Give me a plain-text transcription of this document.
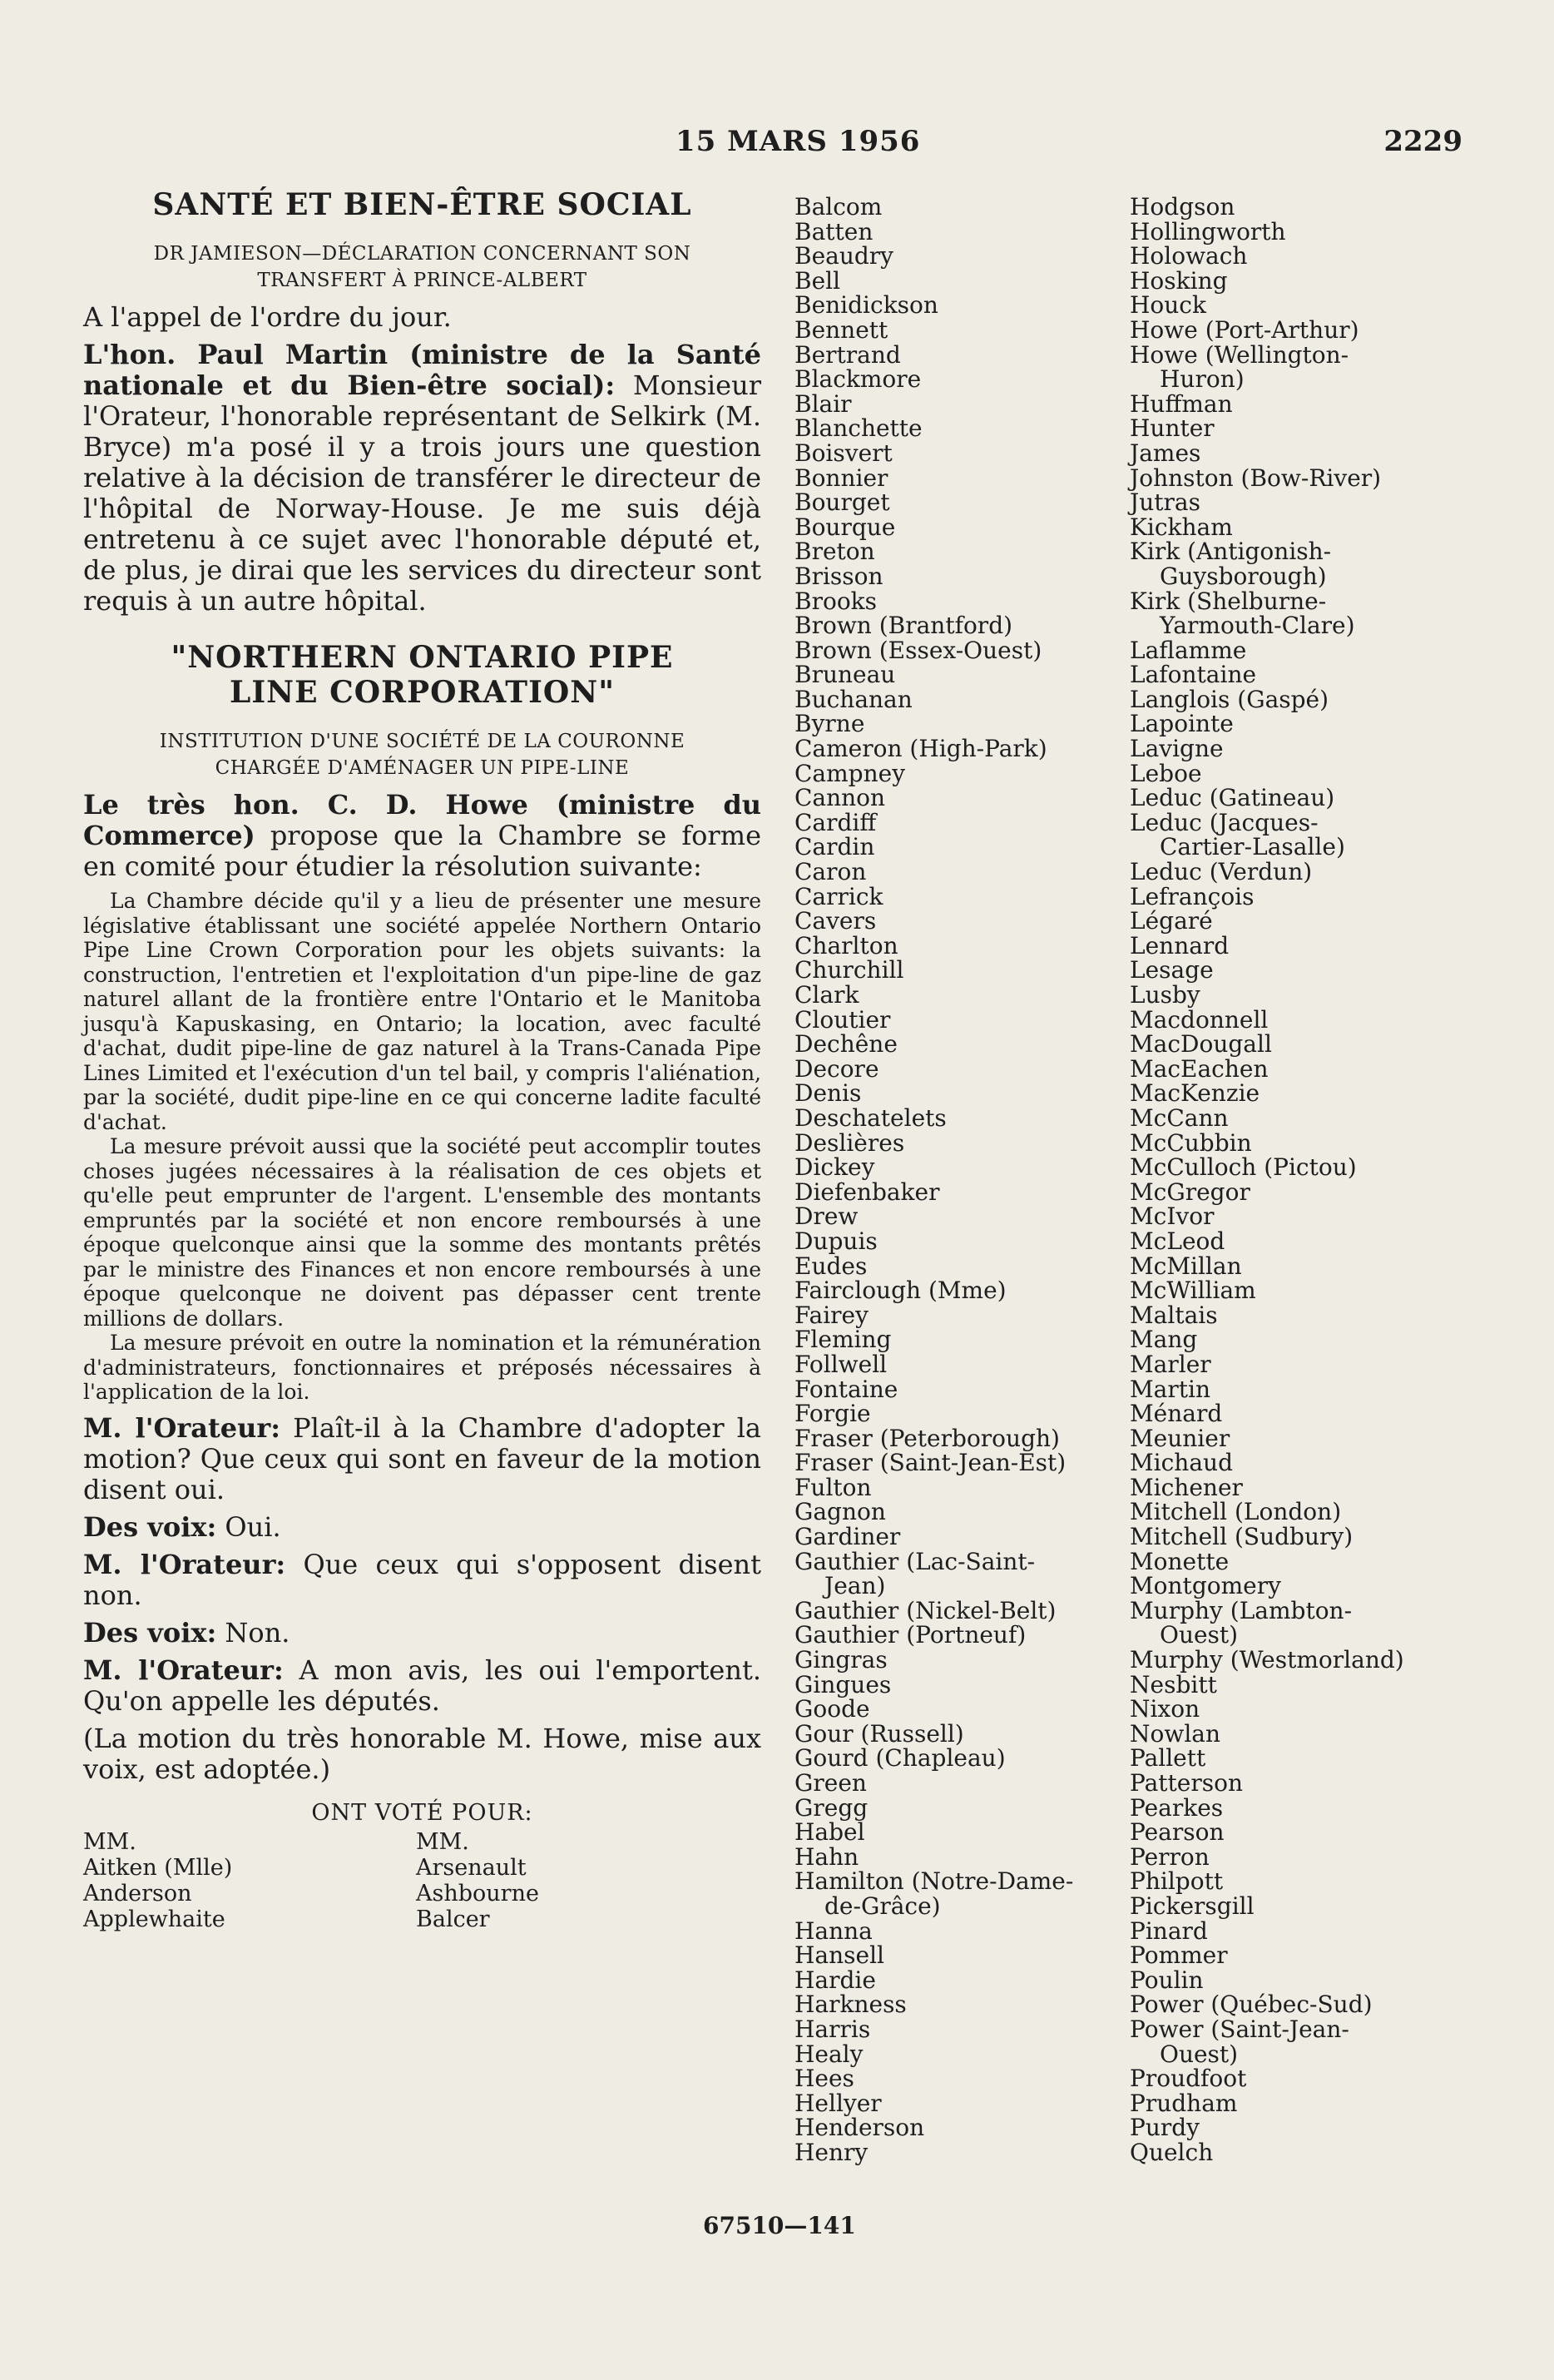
15 MARS 1956	2229
SANTÉ ET BIEN-ÊTRE SOCIAL
DR JAMIESON—DÉCLARATION CONCERNANT SON
TRANSFERT À PRINCE-ALBERT

A l'appel de l'ordre du jour.

L'hon. Paul Martin (ministre de la Santé nationale et du Bien-être social): Monsieur l'Orateur, l'honorable représentant de Selkirk (M. Bryce) m'a posé il y a trois jours une question relative à la décision de transférer le directeur de l'hôpital de Norway-House. Je me suis déjà entretenu à ce sujet avec l'honorable député et, de plus, je dirai que les services du directeur sont requis à un autre hôpital.

"NORTHERN ONTARIO PIPE
LINE CORPORATION"
INSTITUTION D'UNE SOCIÉTÉ DE LA COURONNE
CHARGÉE D'AMÉNAGER UN PIPE-LINE

Le très hon. C. D. Howe (ministre du Commerce) propose que la Chambre se forme en comité pour étudier la résolution suivante:

La Chambre décide qu'il y a lieu de présenter une mesure législative établissant une société appelée Northern Ontario Pipe Line Crown Corporation pour les objets suivants: la construction, l'entretien et l'exploitation d'un pipe-line de gaz naturel allant de la frontière entre l'Ontario et le Manitoba jusqu'à Kapuskasing, en Ontario; la location, avec faculté d'achat, dudit pipe-line de gaz naturel à la Trans-Canada Pipe Lines Limited et l'exécution d'un tel bail, y compris l'aliénation, par la société, dudit pipe-line en ce qui concerne ladite faculté d'achat.

La mesure prévoit aussi que la société peut accomplir toutes choses jugées nécessaires à la réalisation de ces objets et qu'elle peut emprunter de l'argent. L'ensemble des montants empruntés par la société et non encore remboursés à une époque quelconque ainsi que la somme des montants prêtés par le ministre des Finances et non encore remboursés à une époque quelconque ne doivent pas dépasser cent trente millions de dollars.

La mesure prévoit en outre la nomination et la rémunération d'administrateurs, fonctionnaires et préposés nécessaires à l'application de la loi.

M. l'Orateur: Plaît-il à la Chambre d'adopter la motion? Que ceux qui sont en faveur de la motion disent oui.

Des voix: Oui.

M. l'Orateur: Que ceux qui s'opposent disent non.

Des voix: Non.

M. l'Orateur: A mon avis, les oui l'emportent. Qu'on appelle les députés.

(La motion du très honorable M. Howe, mise aux voix, est adoptée.)

ONT VOTÉ POUR:
MM.
Aitken (Mlle)
Anderson
Applewhaite
MM.
Arsenault
Ashbourne
Balcer
Balcom
Batten
Beaudry
Bell
Benidickson
Bennett
Bertrand
Blackmore
Blair
Blanchette
Boisvert
Bonnier
Bourget
Bourque
Breton
Brisson
Brooks
Brown (Brantford)
Brown (Essex-Ouest)
Bruneau
Buchanan
Byrne
Cameron (High-Park)
Campney
Cannon
Cardiff
Cardin
Caron
Carrick
Cavers
Charlton
Churchill
Clark
Cloutier
Dechêne
Decore
Denis
Deschatelets
Deslières
Dickey
Diefenbaker
Drew
Dupuis
Eudes
Fairclough (Mme)
Fairey
Fleming
Follwell
Fontaine
Forgie
Fraser (Peterborough)
Fraser (Saint-Jean-Est)
Fulton
Gagnon
Gardiner
Gauthier (Lac-Saint-
Jean)
Gauthier (Nickel-Belt)
Gauthier (Portneuf)
Gingras
Gingues
Goode
Gour (Russell)
Gourd (Chapleau)
Green
Gregg
Habel
Hahn
Hamilton (Notre-Dame-
de-Grâce)
Hanna
Hansell
Hardie
Harkness
Harris
Healy
Hees
Hellyer
Henderson
Henry
Hodgson
Hollingworth
Holowach
Hosking
Houck
Howe (Port-Arthur)
Howe (Wellington-
Huron)
Huffman
Hunter
James
Johnston (Bow-River)
Jutras
Kickham
Kirk (Antigonish-
Guysborough)
Kirk (Shelburne-
Yarmouth-Clare)
Laflamme
Lafontaine
Langlois (Gaspé)
Lapointe
Lavigne
Leboe
Leduc (Gatineau)
Leduc (Jacques-
Cartier-Lasalle)
Leduc (Verdun)
Lefrançois
Légaré
Lennard
Lesage
Lusby
Macdonnell
MacDougall
MacEachen
MacKenzie
McCann
McCubbin
McCulloch (Pictou)
McGregor
McIvor
McLeod
McMillan
McWilliam
Maltais
Mang
Marler
Martin
Ménard
Meunier
Michaud
Michener
Mitchell (London)
Mitchell (Sudbury)
Monette
Montgomery
Murphy (Lambton-
Ouest)
Murphy (Westmorland)
Nesbitt
Nixon
Nowlan
Pallett
Patterson
Pearkes
Pearson
Perron
Philpott
Pickersgill
Pinard
Pommer
Poulin
Power (Québec-Sud)
Power (Saint-Jean-
Ouest)
Proudfoot
Prudham
Purdy
Quelch
67510—141
